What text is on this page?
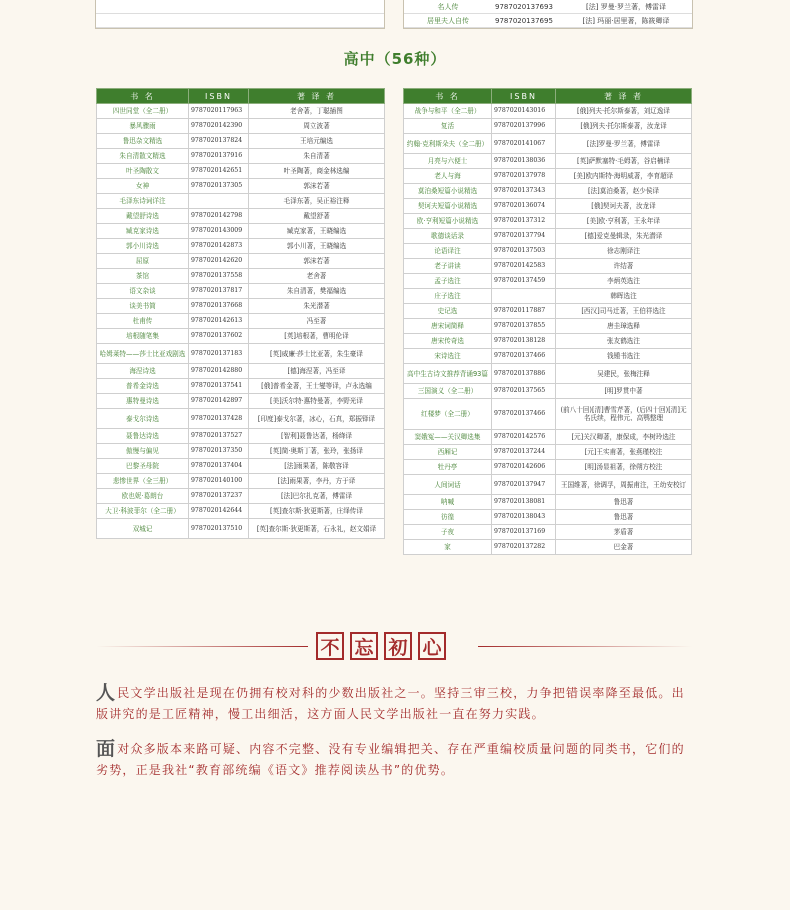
名人传	9787020137693	[法] 罗曼·罗兰著，傅雷译
居里夫人自传	9787020137695	[法] 玛丽·居里著，陈筱卿译
高中（56种）
书 名	ISBN	著 译 者
四世同堂（全二册）	9787020117963	老舍著，丁聪插图
暴风骤雨	9787020142390	周立波著
鲁迅杂文精选	9787020137824	王培元编选
朱自清散文精选	9787020137916	朱自清著
叶圣陶散文	9787020142651	叶圣陶著，商金林选编
女神	9787020137305	郭沫若著
毛泽东诗词详注		毛泽东著，吴正裕注释
戴望舒诗选	9787020142798	戴望舒著
臧克家诗选	9787020143009	臧克家著，王晓编选
郭小川诗选	9787020142873	郭小川著，王晓编选
屈原	9787020142620	郭沫若著
茶馆	9787020137558	老舍著
语文杂谈	9787020137817	朱自清著，樊福编选
谈美书简	9787020137668	朱光潜著
杜甫传	9787020142613	冯至著
培根随笔集	9787020137602	[英]培根著，曹明伦译
哈姆莱特——莎士比亚戏剧选	9787020137183	[英]威廉·莎士比亚著，朱生豪译
海涅诗选	9787020142880	[德]海涅著，冯至译
普希金诗选	9787020137541	[俄]普希金著，王士燮等译，卢永选编
惠特曼诗选	9787020142897	[美]沃尔特·惠特曼著，李野光译
泰戈尔诗选	9787020137428	[印度]泰戈尔著，冰心，石真，郑振铎译
聂鲁达诗选	9787020137527	[智利]聂鲁达著，杨绛译
傲慢与偏见	9787020137350	[英]简·奥斯丁著，张玲，张扬译
巴黎圣母院	9787020137404	[法]雨果著，陈敬容译
悲惨世界（全三册）	9787020140100	[法]雨果著，李丹，方于译
欧也妮·葛朗台	9787020137237	[法]巴尔扎克著，傅雷译
大卫·科波菲尔（全二册）	9787020142644	[英]查尔斯·狄更斯著，庄绎传译
双城记	9787020137510	[英]查尔斯·狄更斯著，石永礼，赵文娟译
书 名	ISBN	著 译 者
战争与和平（全二册）	9787020143016	[俄]列夫·托尔斯泰著，刘辽逸译
复活	9787020137996	[俄]列夫·托尔斯泰著，汝龙译
约翰·克利斯朵夫（全二册）	9787020141067	[法]罗曼·罗兰著，傅雷译
月亮与六便士	9787020138036	[英]萨默塞特·毛姆著，谷启楠译
老人与海	9787020137978	[美]欧内斯特·海明威著，李育超译
莫泊桑短篇小说精选	9787020137343	[法]莫泊桑著，赵少侯译
契诃夫短篇小说精选	9787020136074	[俄]契诃夫著，汝龙译
欧·亨利短篇小说精选	9787020137312	[美]欧·亨利著，王永年译
歌德谈话录	9787020137794	[德]爱克曼辑录，朱光潜译
论语译注	9787020137503	徐志刚译注
老子讲读	9787020142583	许结著
孟子选注	9787020137459	李炳英选注
庄子选注		韩晖选注
史记选	9787020117887	[西汉]司马迁著，王伯祥选注
唐宋词简释	9787020137855	唐圭璋选释
唐宋传奇选	9787020138128	张友鹤选注
宋诗选注	9787020137466	钱锺书选注
高中生古诗文推荐背诵93篇	9787020137886	吴建民，张梅注释
三国演义（全二册）	9787020137565	[明]罗贯中著
红楼梦（全二册）	9787020137466	(前八十回)[清]曹雪芹著，(后四十回)[清]无名氏续，程伟元、高鹗整理
窦娥冤——关汉卿选集	9787020142576	[元]关汉卿著，康保成，李树玲选注
西厢记	9787020137244	[元]王实甫著，张燕瑾校注
牡丹亭	9787020142606	[明]汤显祖著，徐朔方校注
人间词话	9787020137947	王国维著，徐调孚，周振甫注，王幼安校订
呐喊	9787020138081	鲁迅著
彷徨	9787020138043	鲁迅著
子夜	9787020137169	茅盾著
家	9787020137282	巴金著
不 忘 初 心
人民文学出版社是现在仍拥有校对科的少数出版社之一。坚持三审三校，力争把错误率降至最低。出版讲究的是工匠精神，慢工出细活，这方面人民文学出版社一直在努力实践。
面对众多版本来路可疑、内容不完整、没有专业编辑把关、存在严重编校质量问题的同类书，它们的劣势，正是我社“教育部统编《语文》推荐阅读丛书”的优势。
